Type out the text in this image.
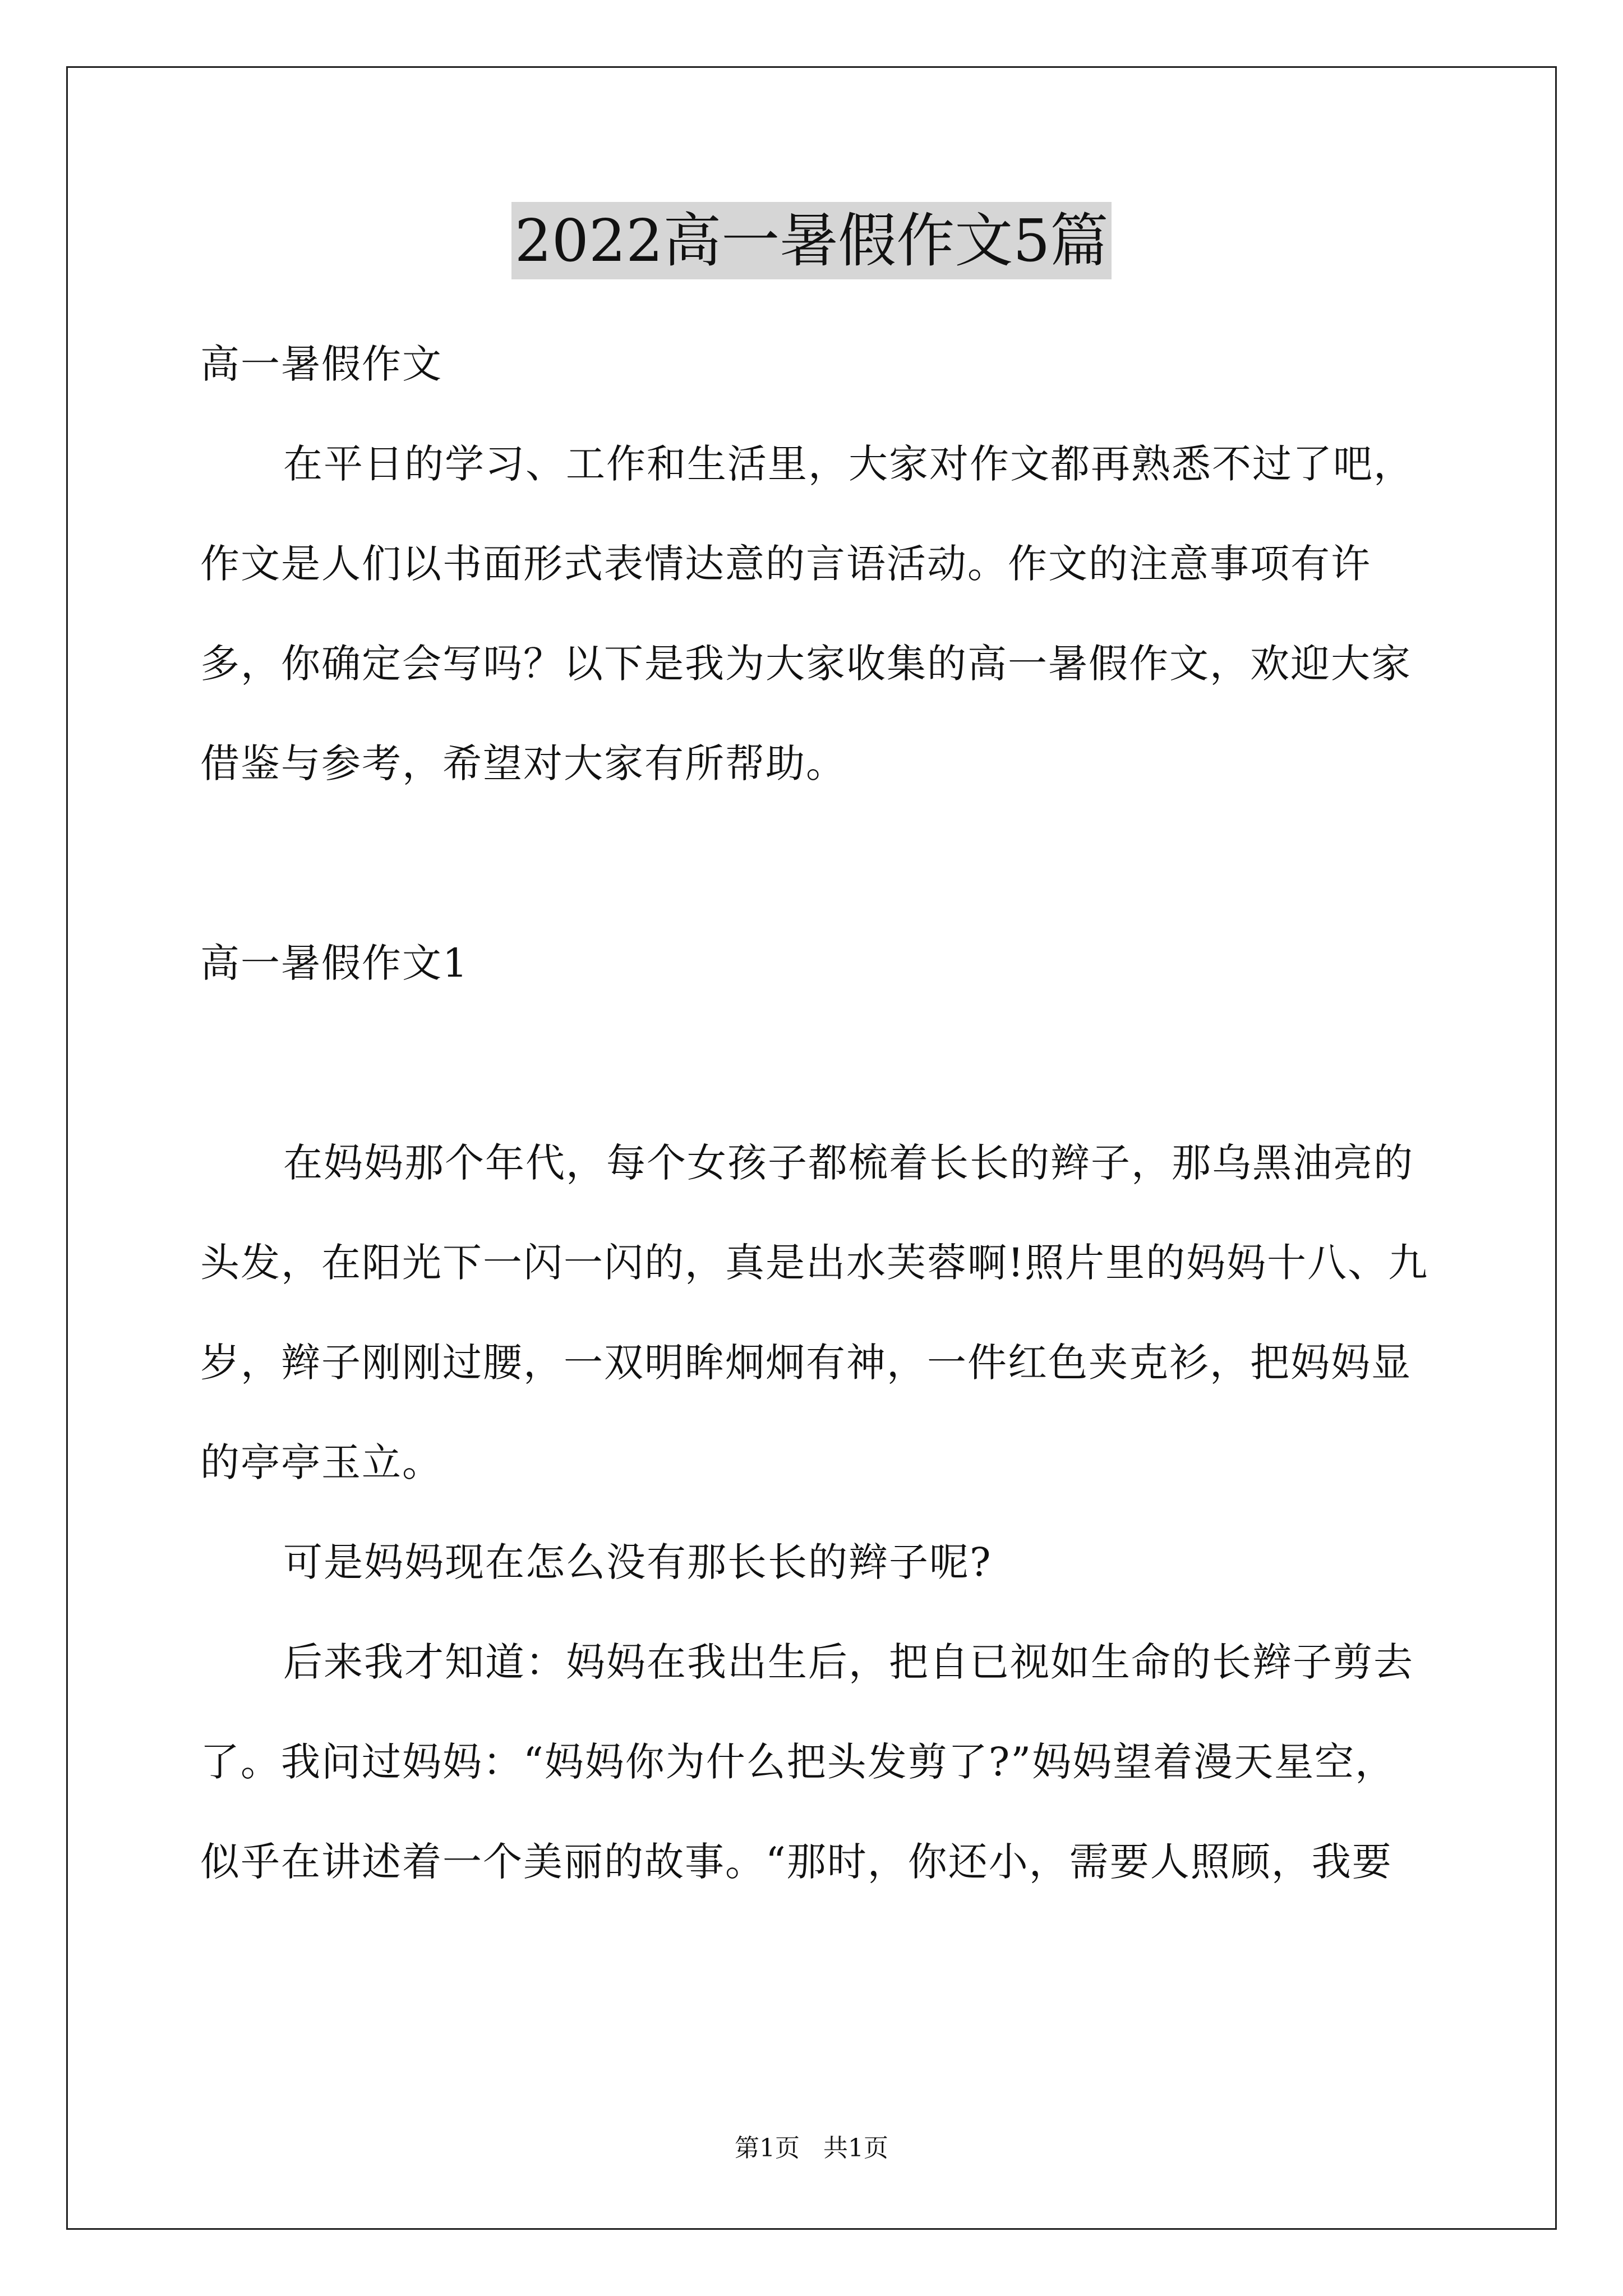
2022高一暑假作文5篇

高一暑假作文

在平日的学习、工作和生活里，大家对作文都再熟悉不过了吧，作文是人们以书面形式表情达意的言语活动。作文的注意事项有许多，你确定会写吗？以下是我为大家收集的高一暑假作文，欢迎大家借鉴与参考，希望对大家有所帮助。

高一暑假作文1

在妈妈那个年代，每个女孩子都梳着长长的辫子，那乌黑油亮的头发，在阳光下一闪一闪的，真是出水芙蓉啊!照片里的妈妈十八、九岁，辫子刚刚过腰，一双明眸炯炯有神，一件红色夹克衫，把妈妈显的亭亭玉立。

可是妈妈现在怎么没有那长长的辫子呢?

后来我才知道：妈妈在我出生后，把自已视如生命的长辫子剪去了。我问过妈妈：“妈妈你为什么把头发剪了?”妈妈望着漫天星空，似乎在讲述着一个美丽的故事。“那时，你还小，需要人照顾，我要

第1页 共1页
